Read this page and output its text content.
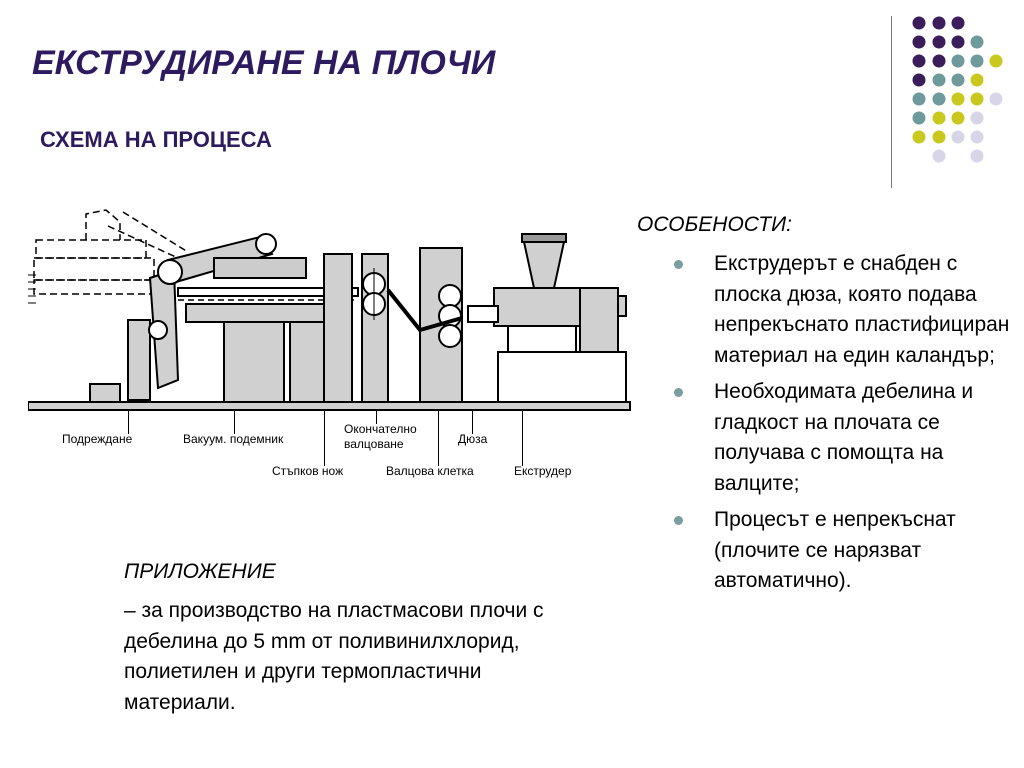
ЕКСТРУДИРАНЕ НА ПЛОЧИ
СХЕМА НА ПРОЦЕСА
Подреждане	Вакуум. подемник
Окончателно валцоване	Дюза
Стъпков нож	Валцова клетка	Екструдер

ОСОБЕНОСТИ:

Екструдерът е снабден с плоска дюза, която подава непрекъснато пластифициран материал на един каландър;
Необходимата дебелина и гладкост на плочата се получава с помощта на валците;
Процесът е непрекъснат (плочите се нарязват автоматично).

ПРИЛОЖЕНИЕ

– за производство на пластмасови плочи с дебелина до 5 mm от поливинилхлорид, полиетилен и други термопластични материали.
